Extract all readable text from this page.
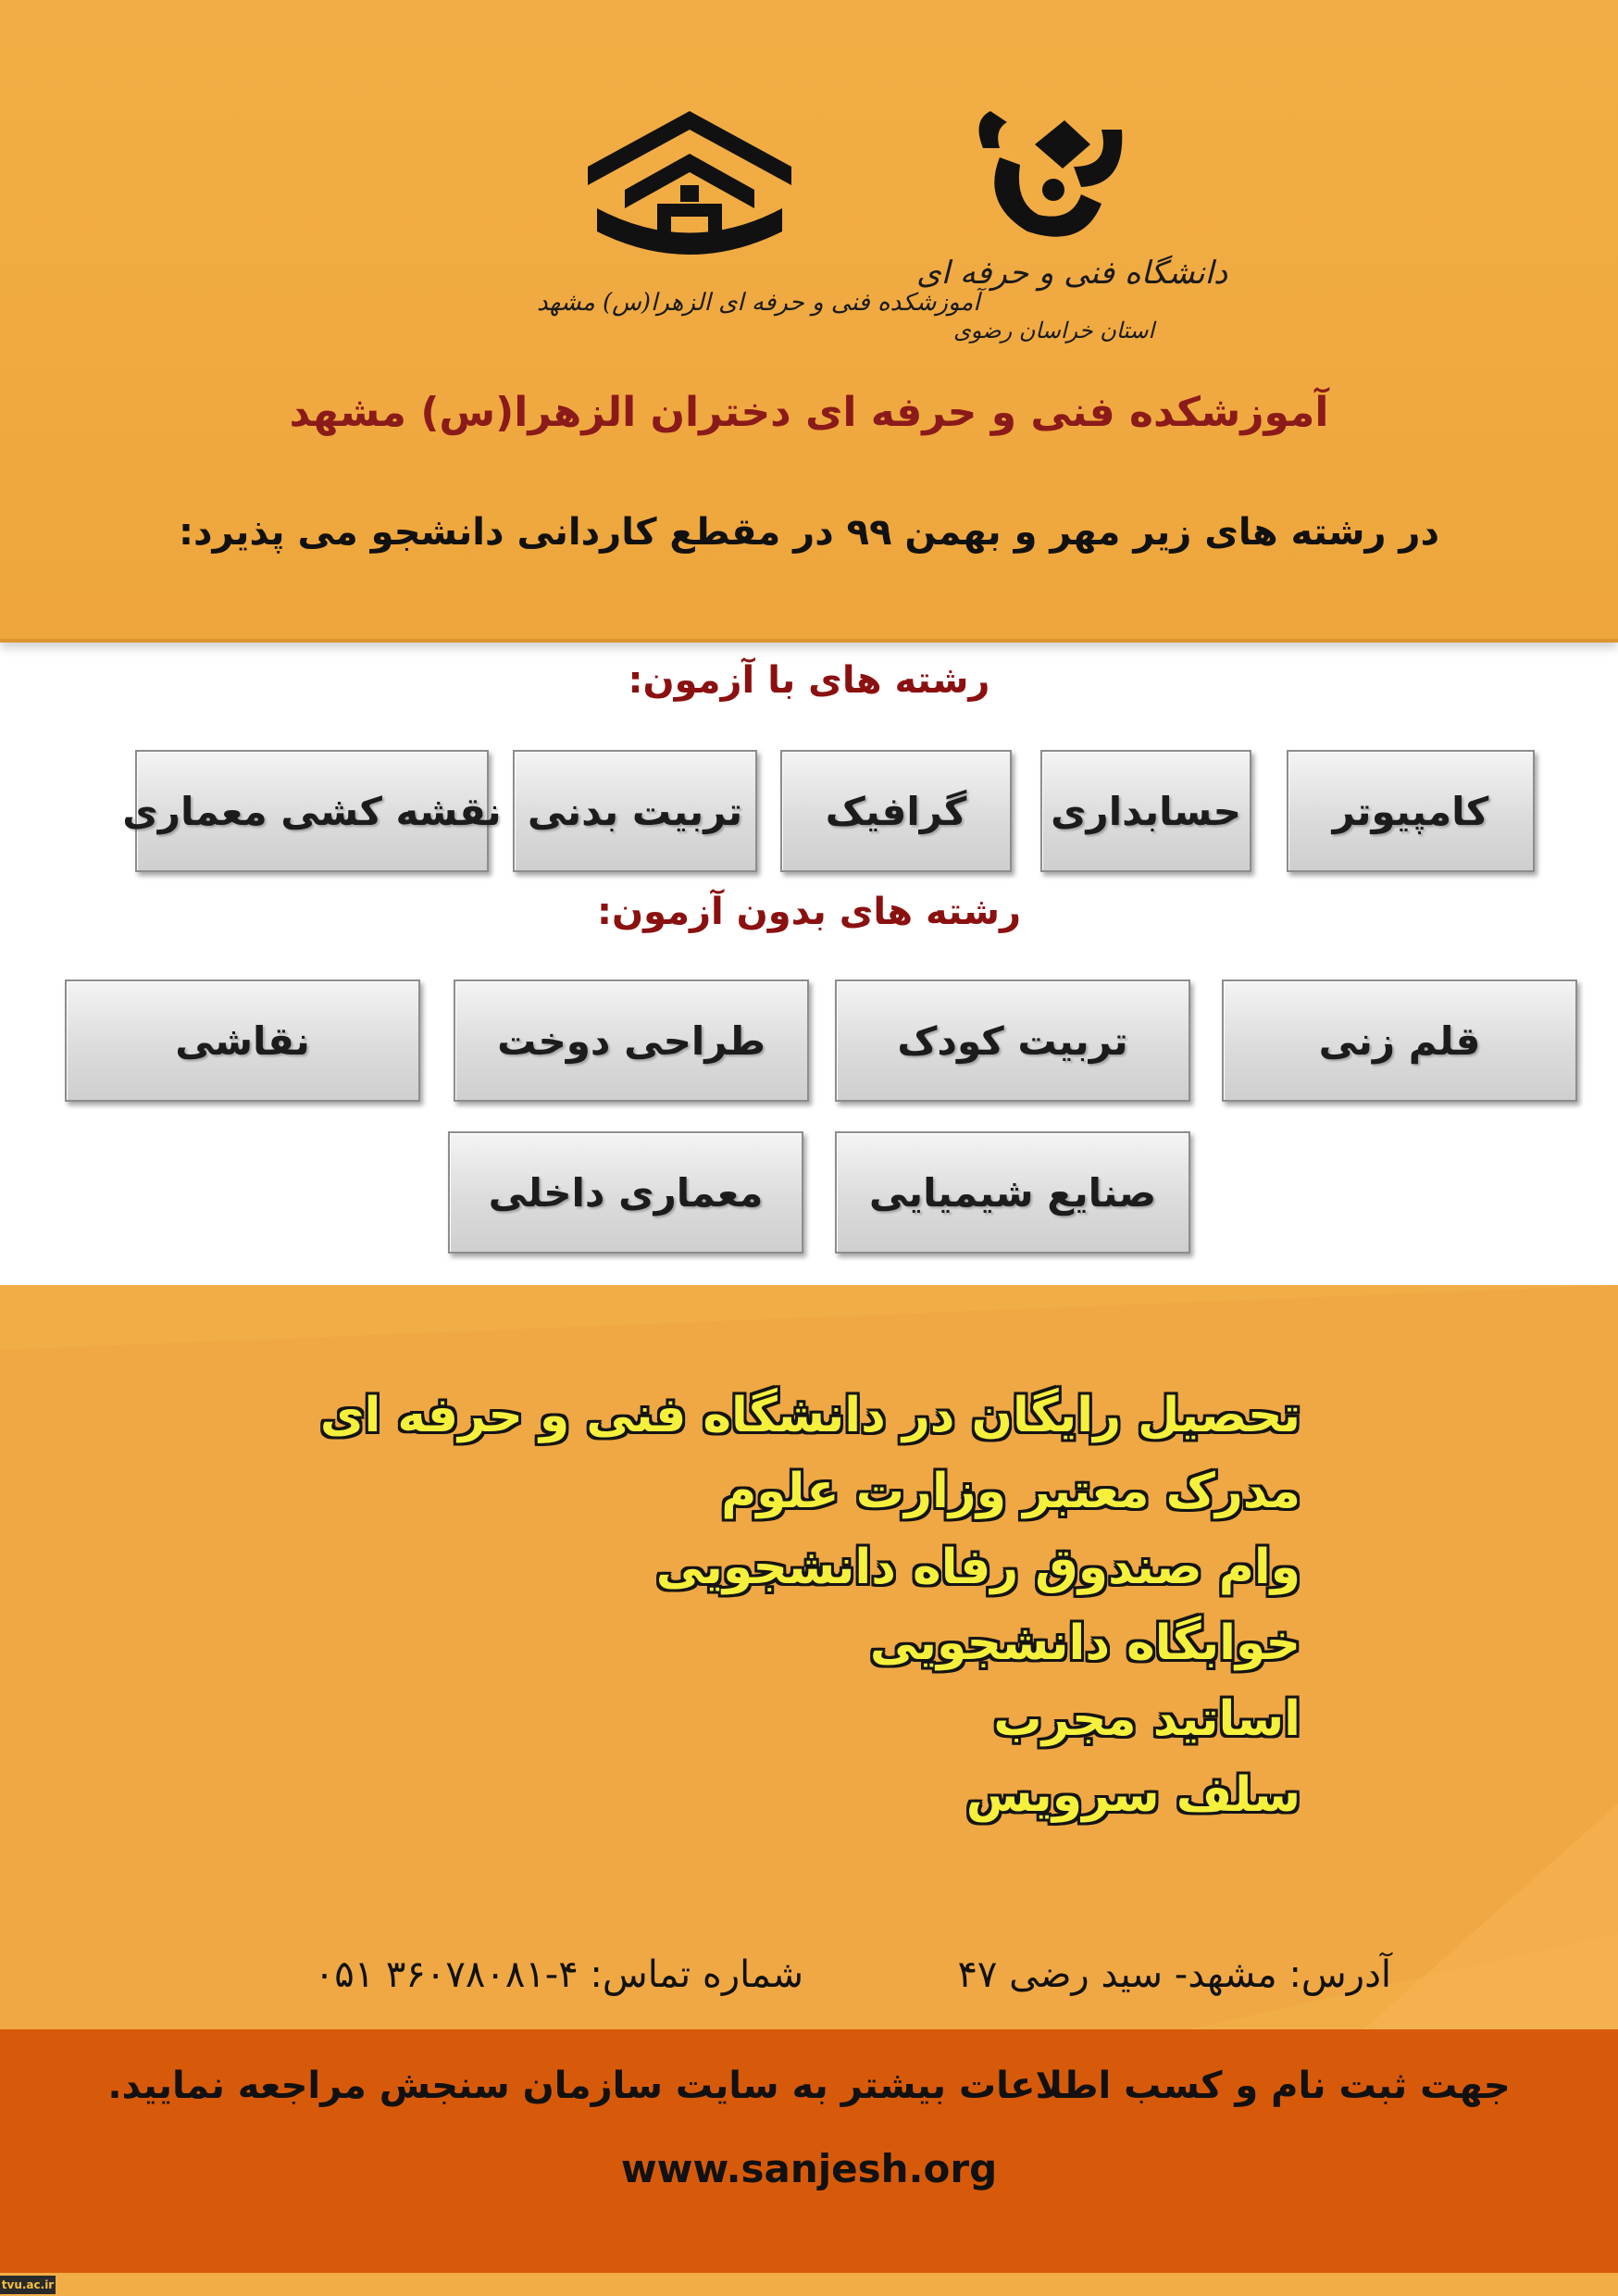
دانشگاه فنی و حرفه ای
استان خراسان رضوی
آموزشکده فنی و حرفه ای الزهرا(س) مشهد
آموزشکده فنی و حرفه ای دختران الزهرا(س) مشهد
در رشته های زیر مهر و بهمن ۹۹ در مقطع کاردانی دانشجو می پذیرد:
رشته های با آزمون:
کامپیوتر
حسابداری
گرافیک
تربیت بدنی
نقشه کشی معماری
رشته های بدون آزمون:
قلم زنی
تربیت کودک
طراحی دوخت
نقاشی
صنایع شیمیایی
معماری داخلی
تحصیل رایگان در دانشگاه فنی و حرفه ای
مدرک معتبر وزارت علوم
وام صندوق رفاه دانشجویی
خوابگاه دانشجویی
اساتید مجرب
سلف سرویس
آدرس: مشهد- سید رضی ۴۷
شماره تماس: ۴-۳۶۰۷۸۰۸۱ ۰۵۱
جهت ثبت نام و کسب اطلاعات بیشتر به سایت سازمان سنجش مراجعه نمایید.
www.sanjesh.org
tvu.ac.ir
